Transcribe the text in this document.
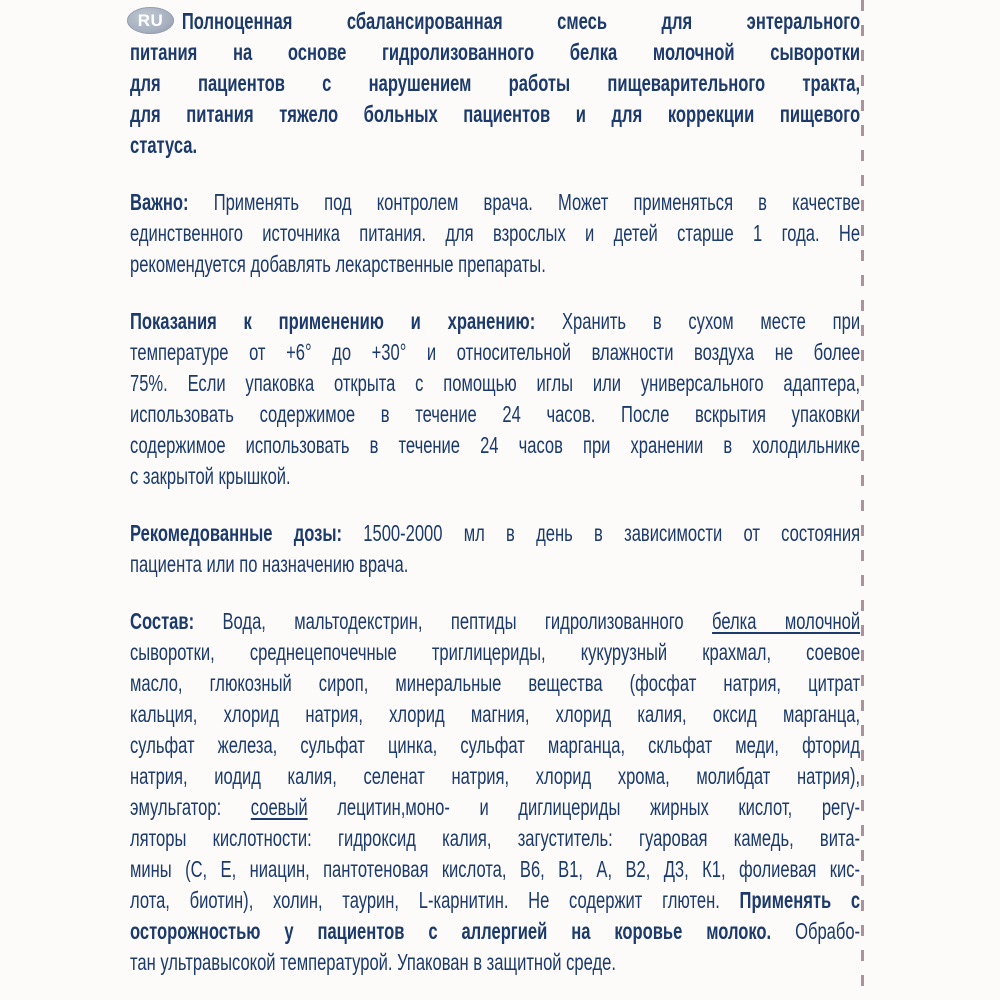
RU Полноценная сбалансированная смесь для энтерального
питания на основе гидролизованного белка молочной сыворотки
для пациентов с нарушением работы пищеварительного тракта,
для питания тяжело больных пациентов и для коррекции пищевого
статуса.
Важно: Применять под контролем врача. Может применяться в качестве
единственного источника питания. для взрослых и детей старше 1 года. Не
рекомендуется добавлять лекарственные препараты.
Показания к применению и хранению: Хранить в сухом месте при
температуре от +6° до +30° и относительной влажности воздуха не более
75%. Если упаковка открыта с помощью иглы или универсального адаптера,
использовать содержимое в течение 24 часов. После вскрытия упаковки
содержимое использовать в течение 24 часов при хранении в холодильнике
с закрытой крышкой.
Рекомедованные дозы: 1500-2000 мл в день в зависимости от состояния
пациента или по назначению врача.
Состав: Вода, мальтодекстрин, пептиды гидролизованного белка молочной
сыворотки, среднецепочечные триглицериды, кукурузный крахмал, соевое
масло, глюкозный сироп, минеральные вещества (фосфат натрия, цитрат
кальция, хлорид натрия, хлорид магния, хлорид калия, оксид марганца,
сульфат железа, сульфат цинка, сульфат марганца, скльфат меди, фторид
натрия, иодид калия, селенат натрия, хлорид хрома, молибдат натрия),
эмульгатор: соевый лецитин,моно- и диглицериды жирных кислот, регу-
ляторы кислотности: гидроксид калия, загуститель: гуаровая камедь, вита-
мины (С, Е, ниацин, пантотеновая кислота, В6, В1, А, В2, Д3, К1, фолиевая кис-
лота, биотин), холин, таурин, L-карнитин. Не содержит глютен. Применять с
осторожностью у пациентов с аллергией на коровье молоко. Обрабо-
тан ультравысокой температурой. Упакован в защитной среде.
